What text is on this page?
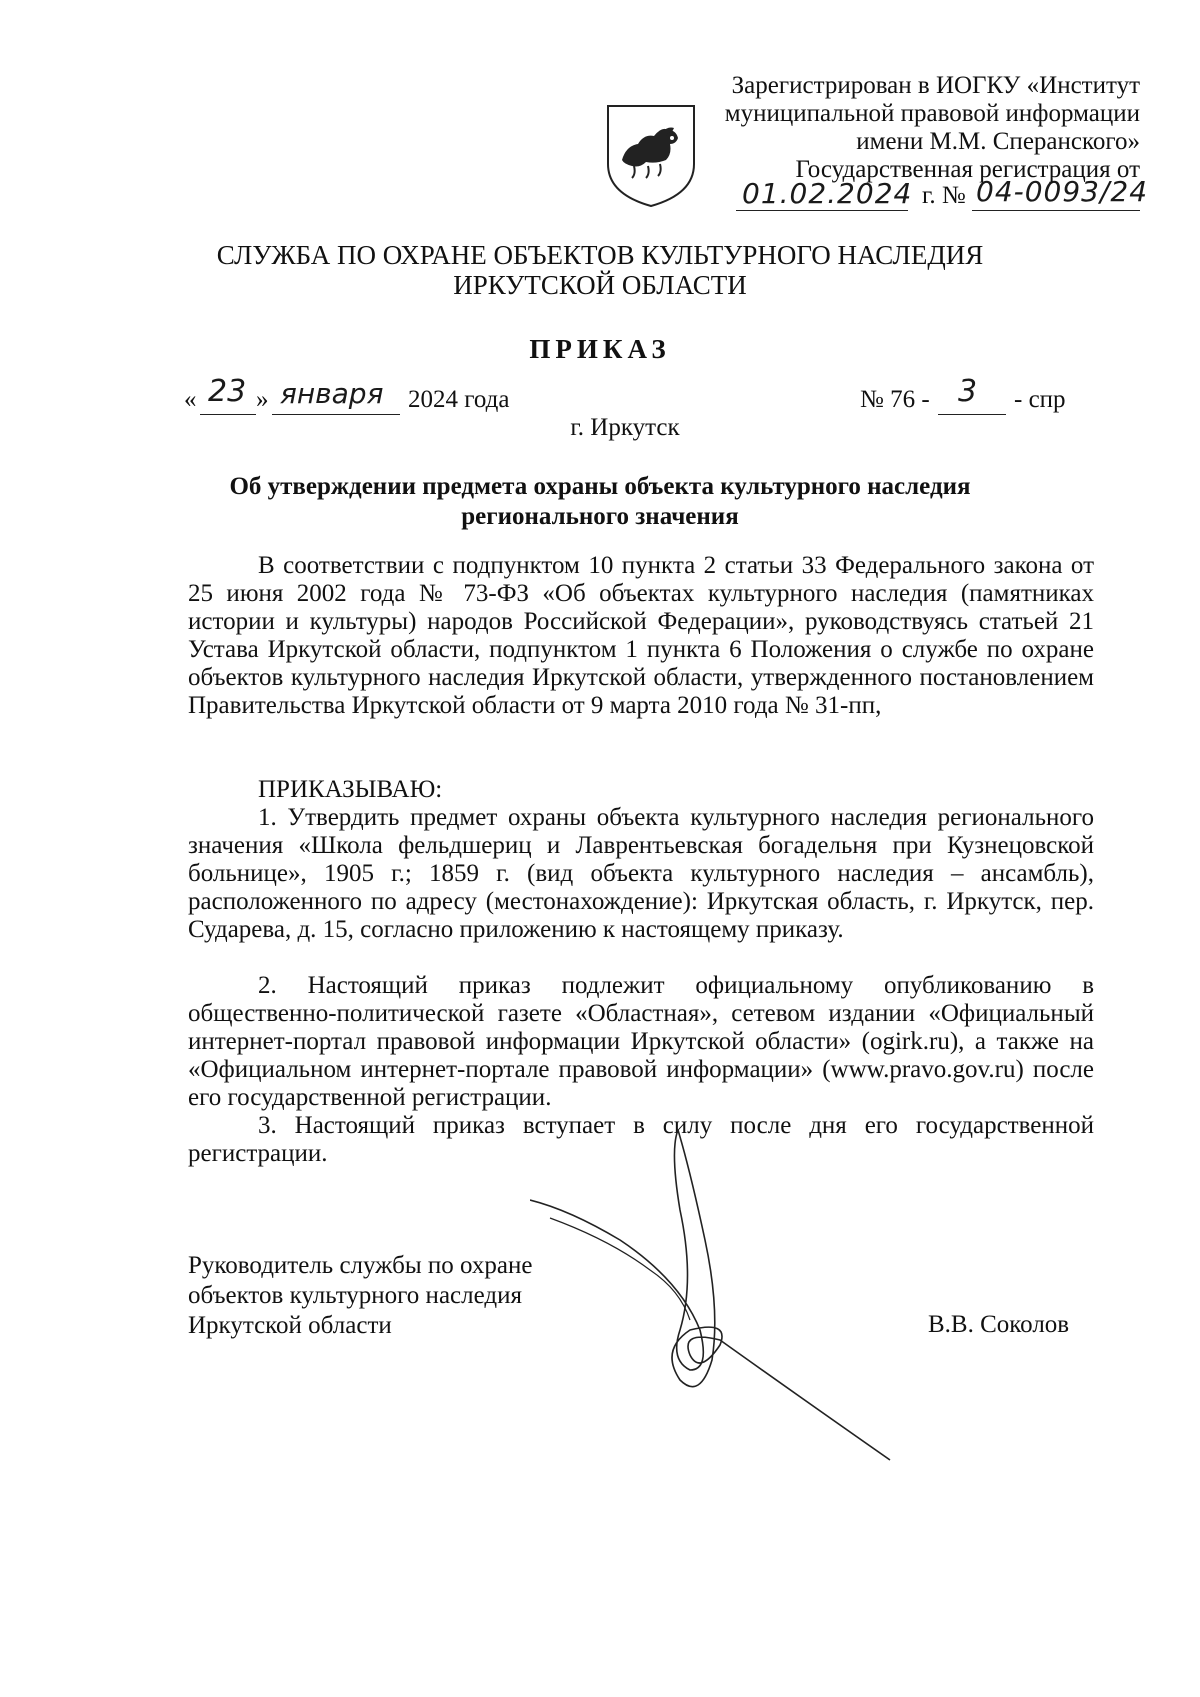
Зарегистрирован в ИОГКУ «Институт
муниципальной правовой информации
имени М.М. Сперанского»
Государственная регистрация от
01.02.2024 г. № 04-0093/24
СЛУЖБА ПО ОХРАНЕ ОБЪЕКТОВ КУЛЬТУРНОГО НАСЛЕДИЯ
ИРКУТСКОЙ ОБЛАСТИ
ПРИКАЗ
« 23 » января 2024 года	№ 76 - 3 - спр
г. Иркутск
Об утверждении предмета охраны объекта культурного наследия
регионального значения
В соответствии с подпунктом 10 пункта 2 статьи 33 Федерального закона от 25 июня 2002 года № 73-ФЗ «Об объектах культурного наследия (памятниках истории и культуры) народов Российской Федерации», руководствуясь статьей 21 Устава Иркутской области, подпунктом 1 пункта 6 Положения о службе по охране объектов культурного наследия Иркутской области, утвержденного постановлением Правительства Иркутской области от 9 марта 2010 года № 31-пп,
ПРИКАЗЫВАЮ:
1. Утвердить предмет охраны объекта культурного наследия регионального значения «Школа фельдшериц и Лаврентьевская богадельня при Кузнецовской больнице», 1905 г.; 1859 г. (вид объекта культурного наследия – ансамбль), расположенного по адресу (местонахождение): Иркутская область, г. Иркутск, пер. Сударева, д. 15, согласно приложению к настоящему приказу.
2. Настоящий приказ подлежит официальному опубликованию в общественно-политической газете «Областная», сетевом издании «Официальный интернет-портал правовой информации Иркутской области» (ogirk.ru), а также на «Официальном интернет-портале правовой информации» (www.pravo.gov.ru) после его государственной регистрации.
3. Настоящий приказ вступает в силу после дня его государственной регистрации.
Руководитель службы по охране
объектов культурного наследия
Иркутской области	В.В. Соколов
